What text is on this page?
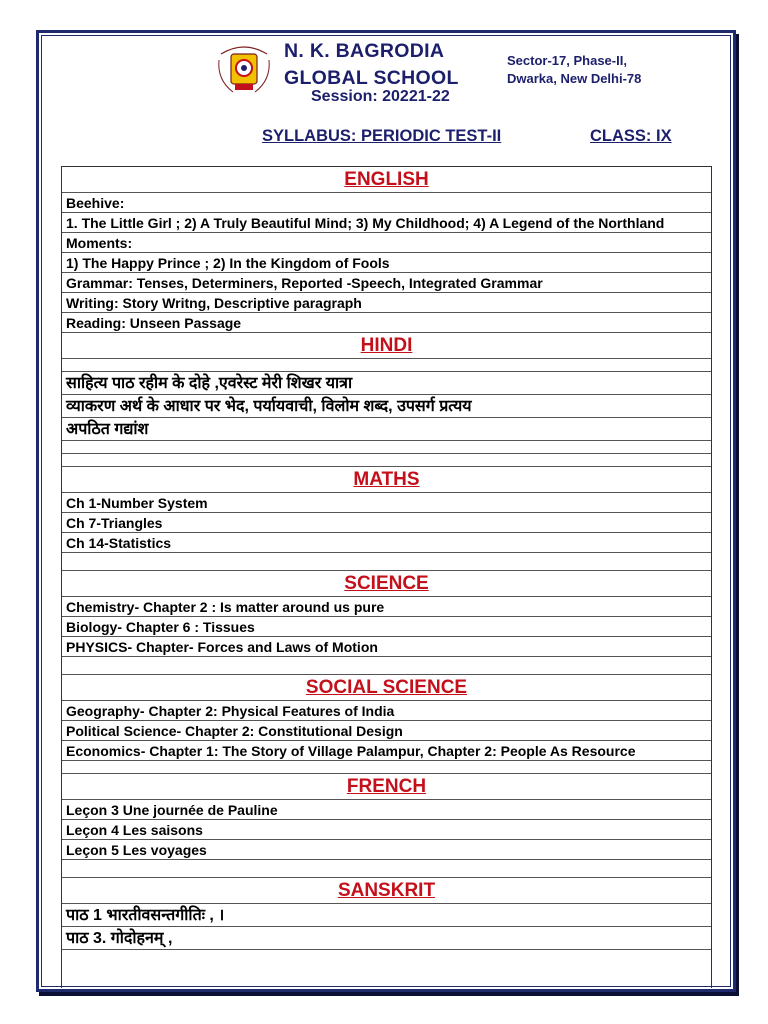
N. K. BAGRODIA
GLOBAL SCHOOL
Sector-17, Phase-II,
Dwarka, New Delhi-78
Session: 20221-22
SYLLABUS: PERIODIC TEST-II	CLASS: IX
ENGLISH
Beehive:
1. The Little Girl ; 2) A Truly Beautiful Mind; 3) My Childhood; 4) A Legend of the Northland
Moments:
1) The Happy Prince ; 2) In the Kingdom of Fools
Grammar: Tenses, Determiners, Reported -Speech, Integrated Grammar
Writing: Story Writng, Descriptive paragraph
Reading: Unseen Passage
HINDI
साहित्य पाठ रहीम के दोहे ,एवरेस्ट मेरी शिखर यात्रा
व्याकरण अर्थ के आधार पर भेद, पर्यायवाची, विलोम शब्द, उपसर्ग प्रत्यय
अपठित गद्यांश
MATHS
Ch 1-Number System
Ch 7-Triangles
Ch 14-Statistics
SCIENCE
Chemistry- Chapter 2 : Is matter around us pure
Biology- Chapter 6 : Tissues
PHYSICS- Chapter- Forces and Laws of Motion
SOCIAL SCIENCE
Geography- Chapter 2: Physical Features of India
Political Science- Chapter 2: Constitutional Design
Economics- Chapter 1: The Story of Village Palampur, Chapter 2: People As Resource
FRENCH
Leçon 3 Une journée de Pauline
Leçon 4 Les saisons
Leçon 5 Les voyages
SANSKRIT
पाठ 1 भारतीवसन्तगीतिः , ।
पाठ 3. गोदोहनम् ,
